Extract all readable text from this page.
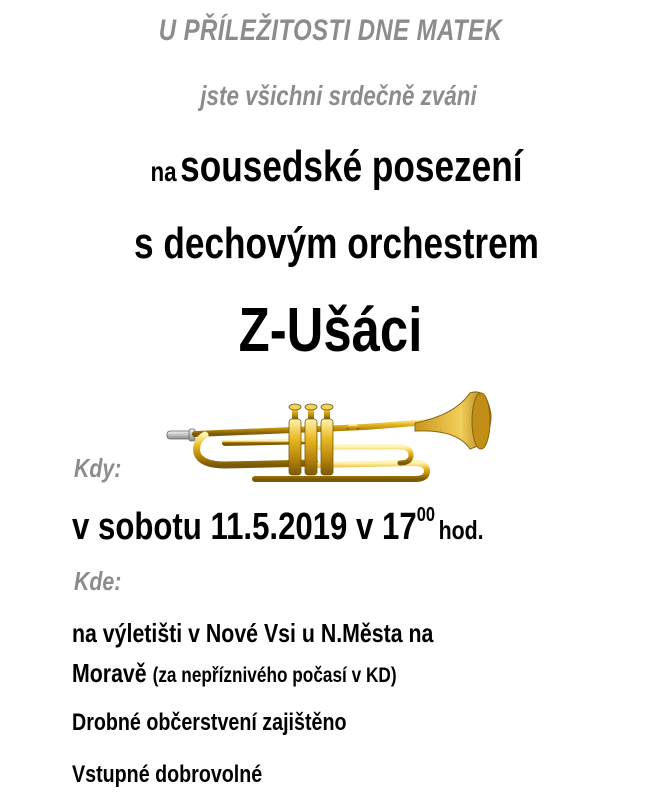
U PŘÍLEŽITOSTI DNE MATEK
jste všichni srdečně zváni
na sousedské posezení
s dechovým orchestrem
Z-Ušáci
Kdy:
v sobotu 11.5.2019 v 1700 hod.
Kde:
na výletišti v Nové Vsi u N.Města na
Moravě (za nepříznivého počasí v KD)
Drobné občerstvení zajištěno
Vstupné dobrovolné
